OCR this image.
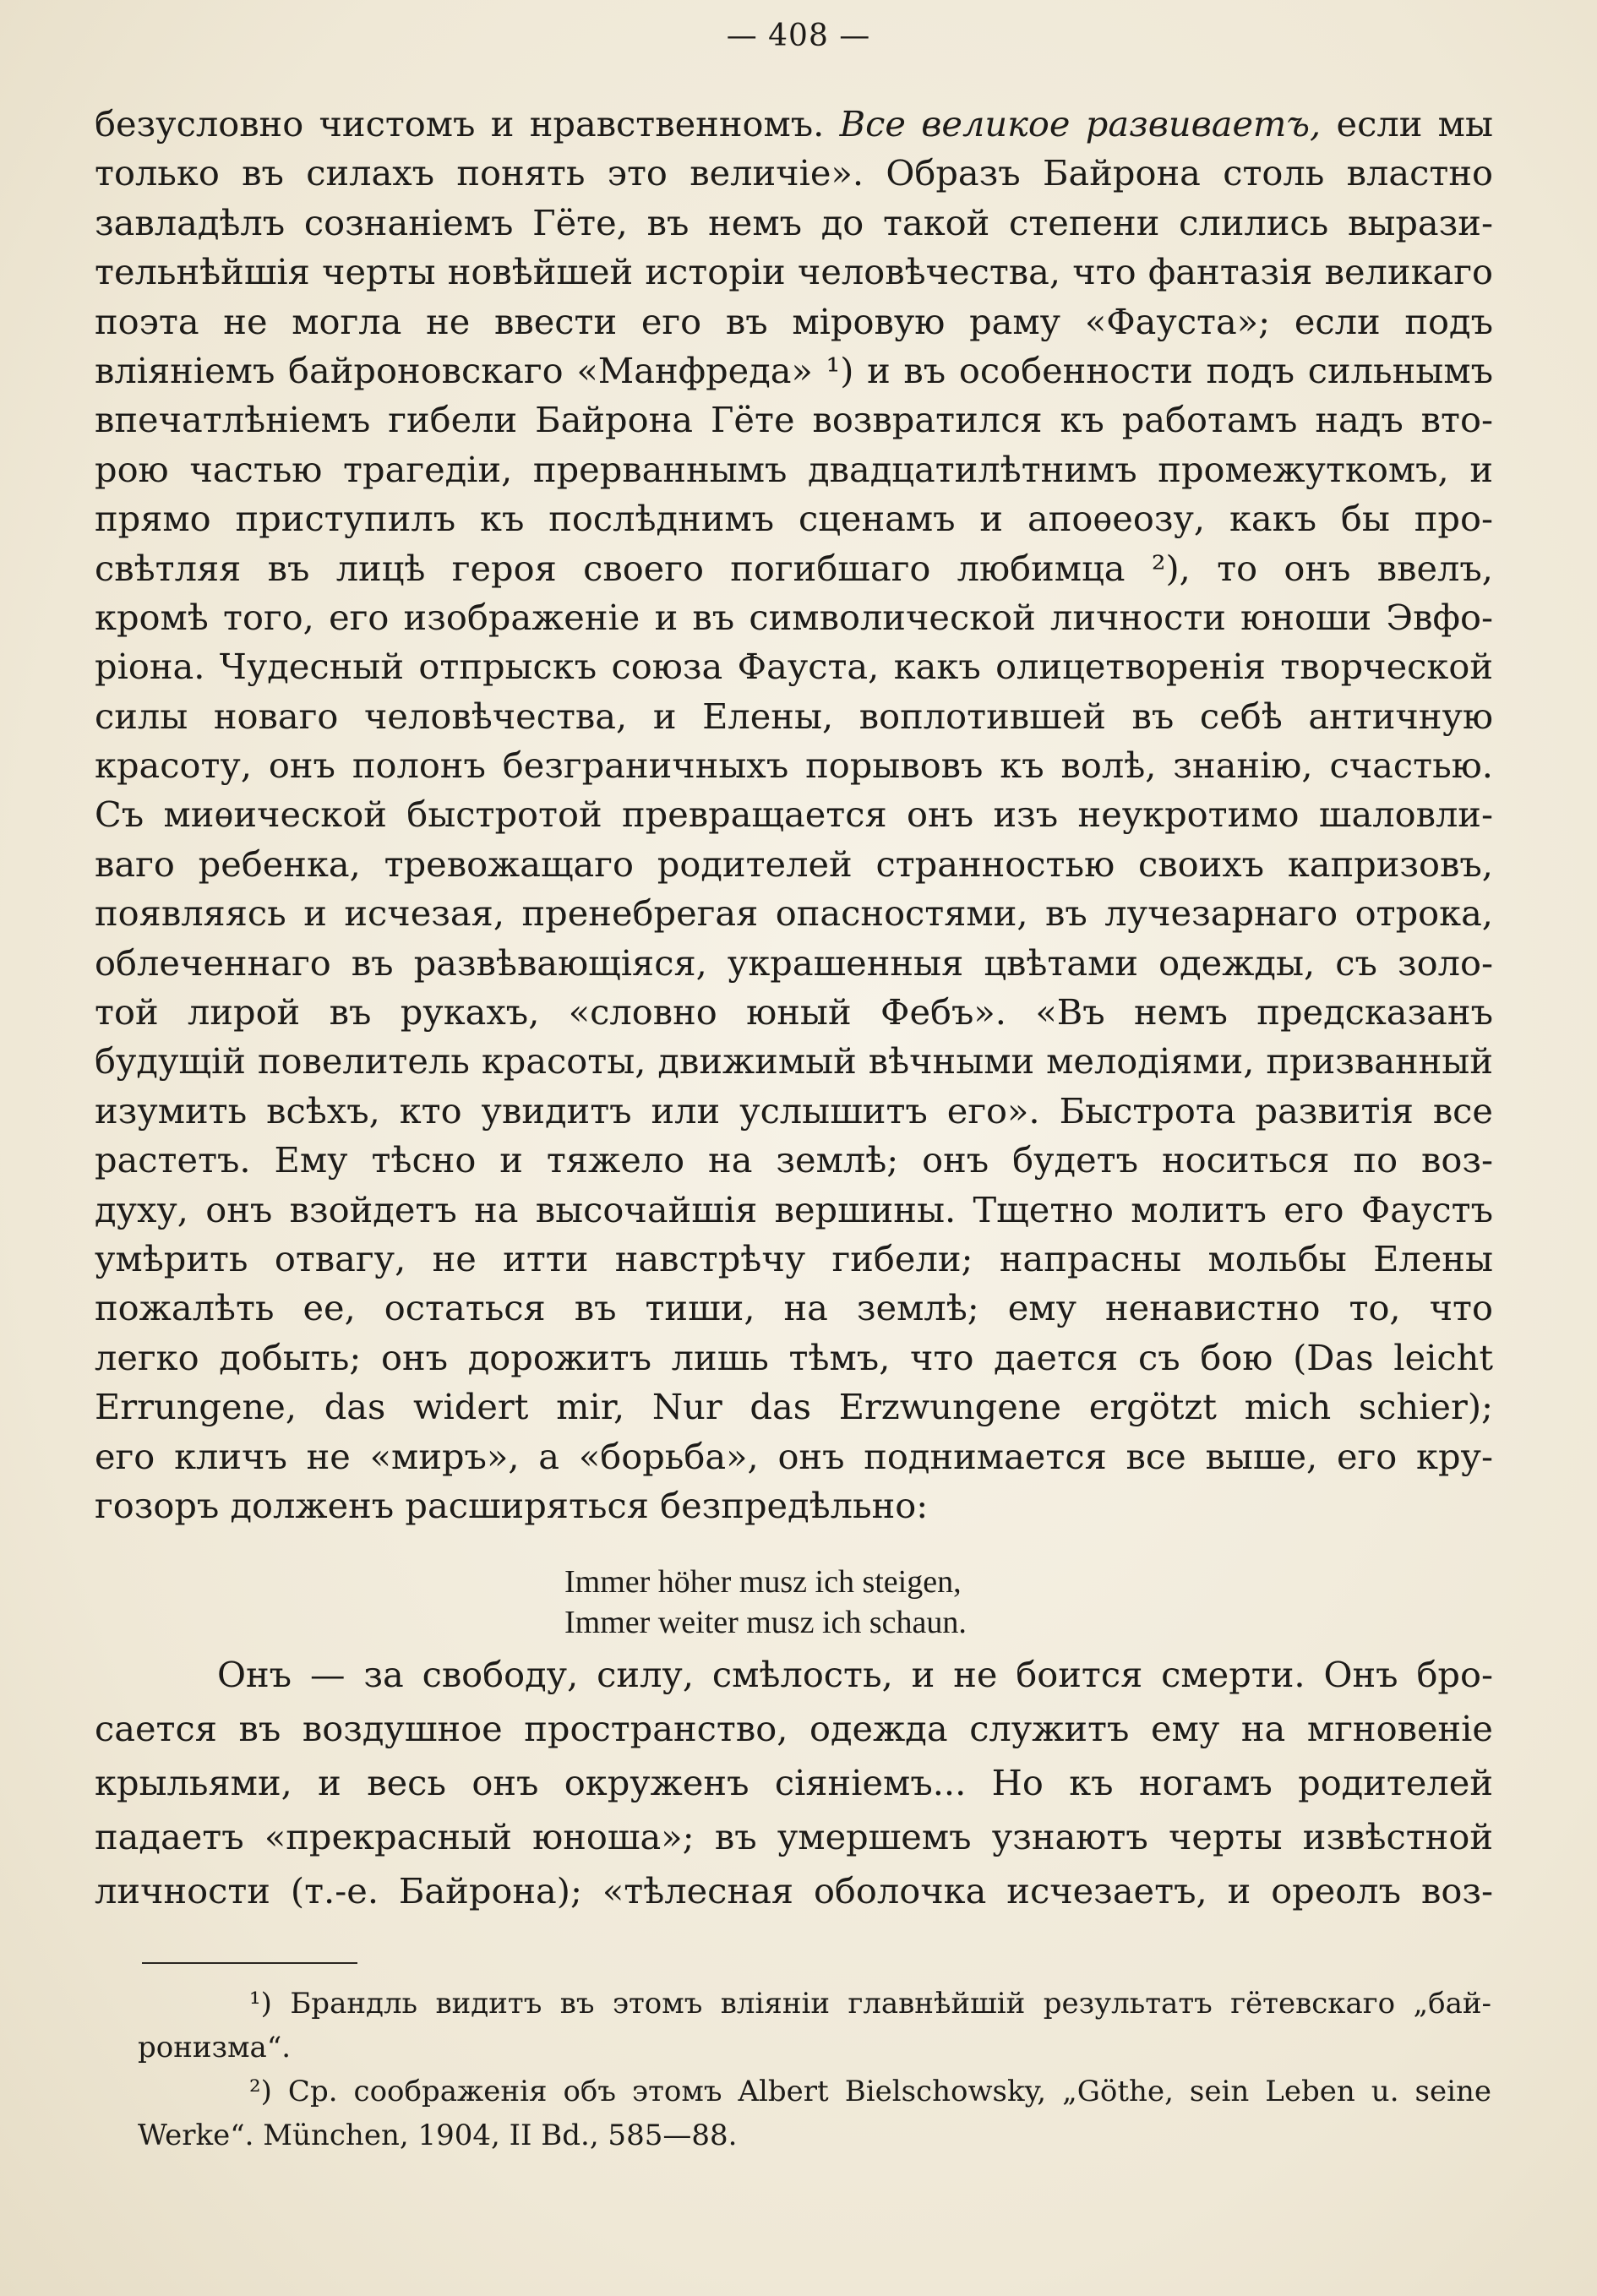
— 408 —
безусловно чистомъ и нравственномъ. Все великое развиваетъ, если мы
только въ силахъ понять это величіе». Образъ Байрона столь властно
завладѣлъ сознаніемъ Гёте, въ немъ до такой степени слились вырази-
тельнѣйшія черты новѣйшей исторіи человѣчества, что фантазія великаго
поэта не могла не ввести его въ міровую раму «Фауста»; если подъ
вліяніемъ байроновскаго «Манфреда» ¹) и въ особенности подъ сильнымъ
впечатлѣніемъ гибели Байрона Гёте возвратился къ работамъ надъ вто-
рою частью трагедіи, прерваннымъ двадцатилѣтнимъ промежуткомъ, и
прямо приступилъ къ послѣднимъ сценамъ и апоѳеозу, какъ бы про-
свѣтляя въ лицѣ героя своего погибшаго любимца ²), то онъ ввелъ,
кромѣ того, его изображеніе и въ символической личности юноши Эвфо-
ріона. Чудесный отпрыскъ союза Фауста, какъ олицетворенія творческой
силы новаго человѣчества, и Елены, воплотившей въ себѣ античную
красоту, онъ полонъ безграничныхъ порывовъ къ волѣ, знанію, счастью.
Съ миѳической быстротой превращается онъ изъ неукротимо шаловли-
ваго ребенка, тревожащаго родителей странностью своихъ капризовъ,
появляясь и исчезая, пренебрегая опасностями, въ лучезарнаго отрока,
облеченнаго въ развѣвающіяся, украшенныя цвѣтами одежды, съ золо-
той лирой въ рукахъ, «словно юный Фебъ». «Въ немъ предсказанъ
будущій повелитель красоты, движимый вѣчными мелодіями, призванный
изумить всѣхъ, кто увидитъ или услышитъ его». Быстрота развитія все
растетъ. Ему тѣсно и тяжело на землѣ; онъ будетъ носиться по воз-
духу, онъ взойдетъ на высочайшія вершины. Тщетно молитъ его Фаустъ
умѣрить отвагу, не итти навстрѣчу гибели; напрасны мольбы Елены
пожалѣть ее, остаться въ тиши, на землѣ; ему ненавистно то, что
легко добыть; онъ дорожитъ лишь тѣмъ, что дается съ бою (Das leicht
Errungene, das widert mir, Nur das Erzwungene ergötzt mich schier);
его кличъ не «миръ», а «борьба», онъ поднимается все выше, его кру-
гозоръ долженъ расширяться безпредѣльно:
Immer höher musz ich steigen,
Immer weiter musz ich schaun.
Онъ — за свободу, силу, смѣлость, и не боится смерти. Онъ бро-
сается въ воздушное пространство, одежда служитъ ему на мгновеніе
крыльями, и весь онъ окруженъ сіяніемъ... Но къ ногамъ родителей
падаетъ «прекрасный юноша»; въ умершемъ узнаютъ черты извѣстной
личности (т.-е. Байрона); «тѣлесная оболочка исчезаетъ, и ореолъ воз-
¹) Брандль видитъ въ этомъ вліяніи главнѣйшій результатъ гётевскаго „бай-
ронизма“.
²) Ср. соображенія объ этомъ Albert Bielschowsky, „Göthe, sein Leben u. seine
Werke“. München, 1904, II Bd., 585—88.
